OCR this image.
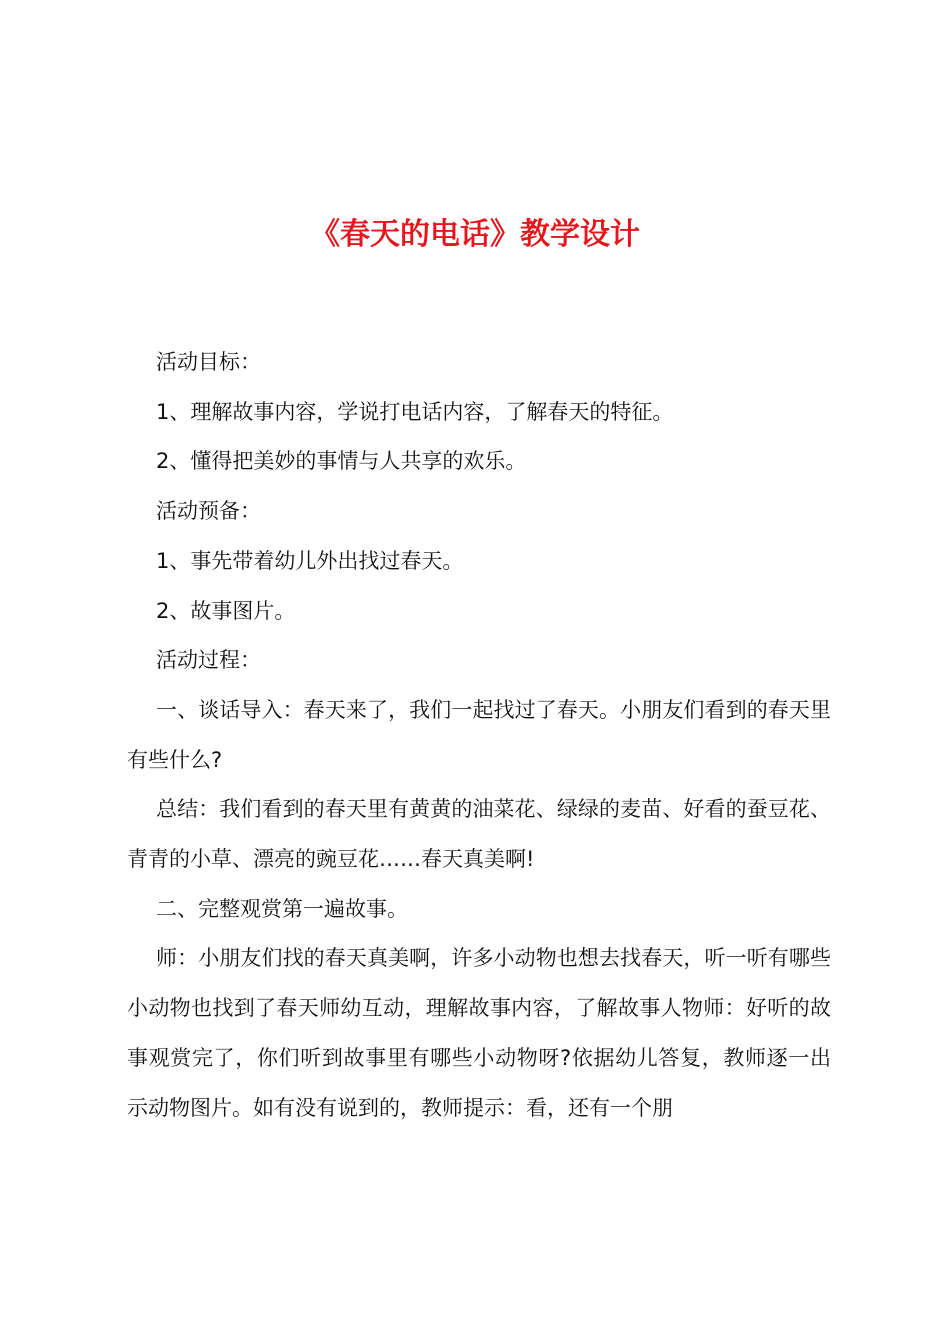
《春天的电话》教学设计

活动目标：

1、理解故事内容，学说打电话内容，了解春天的特征。

2、懂得把美妙的事情与人共享的欢乐。

活动预备：

1、事先带着幼儿外出找过春天。

2、故事图片。

活动过程：

一、谈话导入：春天来了，我们一起找过了春天。小朋友们看到的春天里有些什么?

总结：我们看到的春天里有黄黄的油菜花、绿绿的麦苗、好看的蚕豆花、青青的小草、漂亮的豌豆花……春天真美啊!

二、完整观赏第一遍故事。

师：小朋友们找的春天真美啊，许多小动物也想去找春天，听一听有哪些小动物也找到了春天师幼互动，理解故事内容，了解故事人物师：好听的故事观赏完了，你们听到故事里有哪些小动物呀?依据幼儿答复，教师逐一出示动物图片。如有没有说到的，教师提示：看，还有一个朋
